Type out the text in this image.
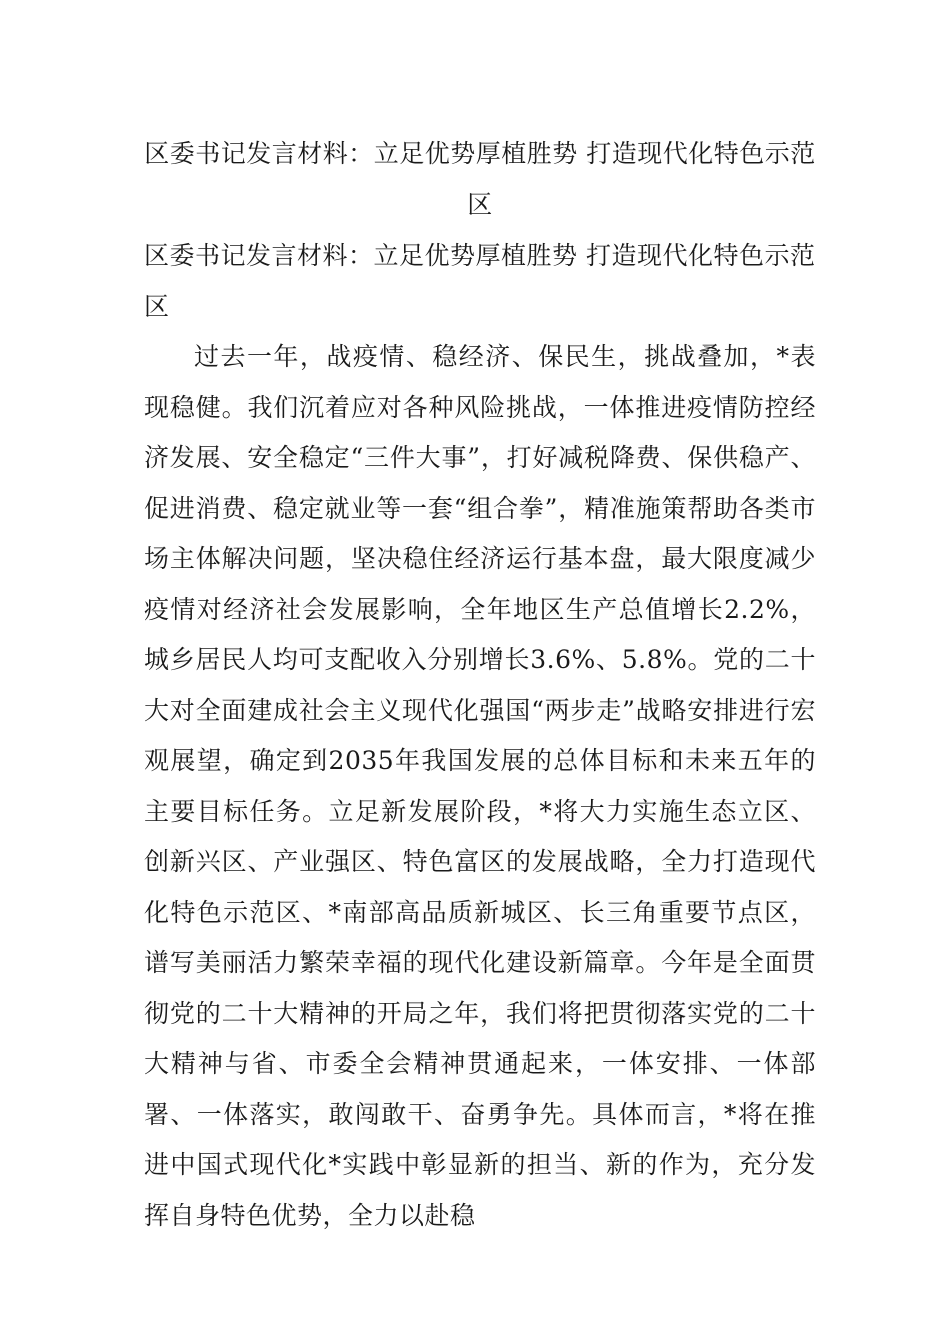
区委书记发言材料：立足优势厚植胜势 打造现代化特色示范区
区委书记发言材料：立足优势厚植胜势 打造现代化特色示范区

过去一年，战疫情、稳经济、保民生，挑战叠加，*表现稳健。我们沉着应对各种风险挑战，一体推进疫情防控经济发展、安全稳定“三件大事”，打好减税降费、保供稳产、促进消费、稳定就业等一套“组合拳”，精准施策帮助各类市场主体解决问题，坚决稳住经济运行基本盘，最大限度减少疫情对经济社会发展影响，全年地区生产总值增长2.2%，城乡居民人均可支配收入分别增长3.6%、5.8%。党的二十大对全面建成社会主义现代化强国“两步走”战略安排进行宏观展望，确定到2035年我国发展的总体目标和未来五年的主要目标任务。立足新发展阶段，*将大力实施生态立区、创新兴区、产业强区、特色富区的发展战略，全力打造现代化特色示范区、*南部高品质新城区、长三角重要节点区，谱写美丽活力繁荣幸福的现代化建设新篇章。今年是全面贯彻党的二十大精神的开局之年，我们将把贯彻落实党的二十大精神与省、市委全会精神贯通起来，一体安排、一体部署、一体落实，敢闯敢干、奋勇争先。具体而言，*将在推进中国式现代化*实践中彰显新的担当、新的作为，充分发挥自身特色优势，全力以赴稳
